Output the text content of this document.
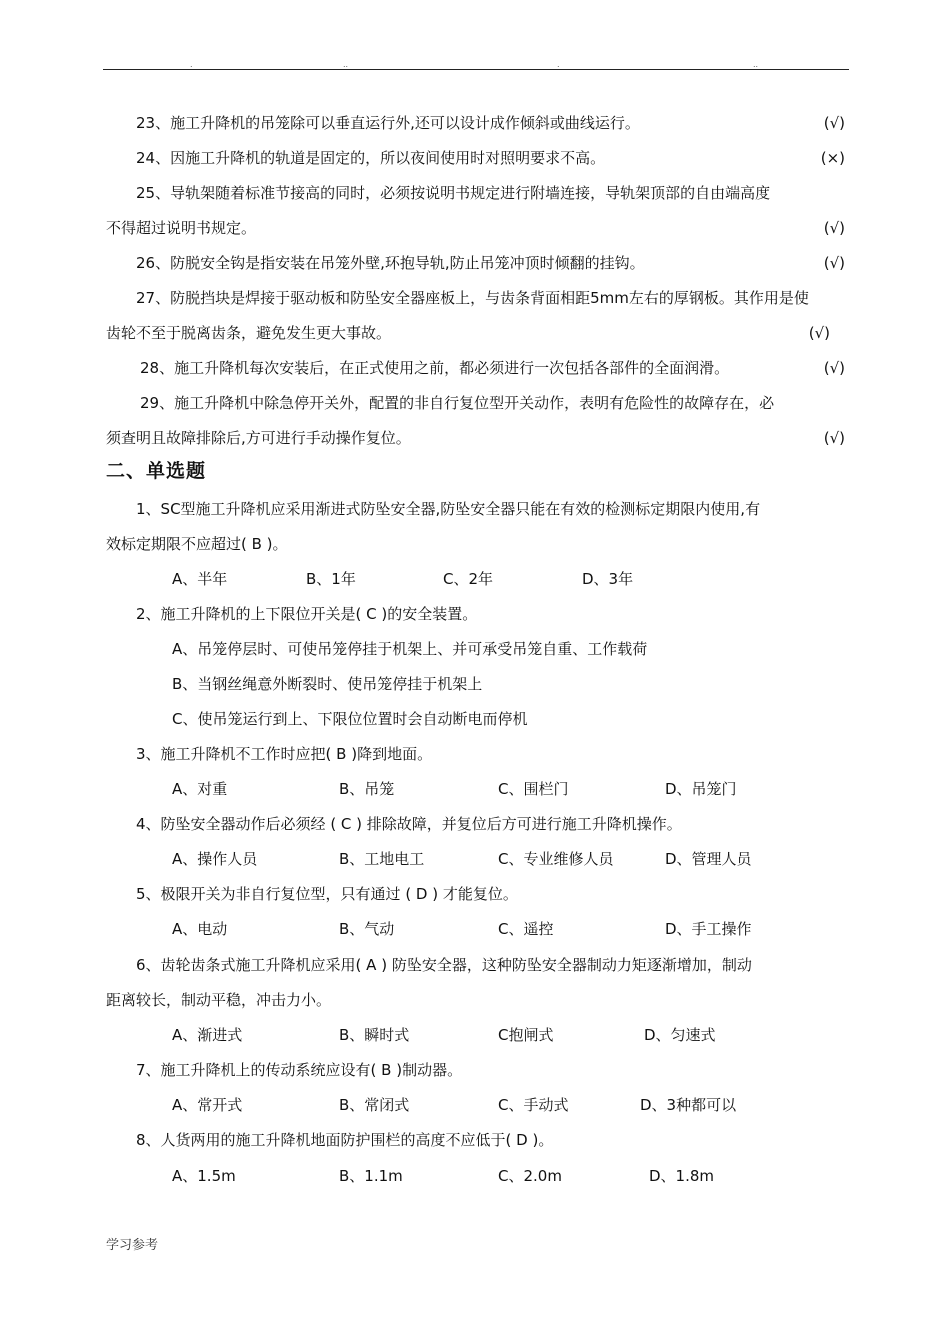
.	..	.	..
23、施工升降机的吊笼除可以垂直运行外,还可以设计成作倾斜或曲线运行。	(√)
24、因施工升降机的轨道是固定的，所以夜间使用时对照明要求不高。	(×)
25、导轨架随着标准节接高的同时，必须按说明书规定进行附墙连接，导轨架顶部的自由端高度
不得超过说明书规定。	(√)
26、防脱安全钩是指安装在吊笼外壁,环抱导轨,防止吊笼冲顶时倾翻的挂钩。	(√)
27、防脱挡块是焊接于驱动板和防坠安全器座板上，与齿条背面相距5mm左右的厚钢板。其作用是使
齿轮不至于脱离齿条，避免发生更大事故。	(√)
28、施工升降机每次安装后，在正式使用之前，都必须进行一次包括各部件的全面润滑。	(√)
29、施工升降机中除急停开关外，配置的非自行复位型开关动作，表明有危险性的故障存在，必
须查明且故障排除后,方可进行手动操作复位。	(√)
二、单选题
1、SC型施工升降机应采用渐进式防坠安全器,防坠安全器只能在有效的检测标定期限内使用,有
效标定期限不应超过( B )。
A、半年	B、1年	C、2年	D、3年
2、施工升降机的上下限位开关是( C )的安全装置。
A、吊笼停层时、可使吊笼停挂于机架上、并可承受吊笼自重、工作载荷
B、当钢丝绳意外断裂时、使吊笼停挂于机架上
C、使吊笼运行到上、下限位位置时会自动断电而停机
3、施工升降机不工作时应把( B )降到地面。
A、对重	B、吊笼	C、围栏门	D、吊笼门
4、防坠安全器动作后必须经 ( C ) 排除故障，并复位后方可进行施工升降机操作。
A、操作人员	B、工地电工	C、专业维修人员	D、管理人员
5、极限开关为非自行复位型，只有通过 ( D ) 才能复位。
A、电动	B、气动	C、遥控	D、手工操作
6、齿轮齿条式施工升降机应采用( A ) 防坠安全器，这种防坠安全器制动力矩逐渐增加，制动
距离较长，制动平稳，冲击力小。
A、渐进式	B、瞬时式	C抱闸式	D、匀速式
7、施工升降机上的传动系统应设有( B )制动器。
A、常开式	B、常闭式	C、手动式	D、3种都可以
8、人货两用的施工升降机地面防护围栏的高度不应低于( D )。
A、1.5m	B、1.1m	C、2.0m	D、1.8m
学习参考
